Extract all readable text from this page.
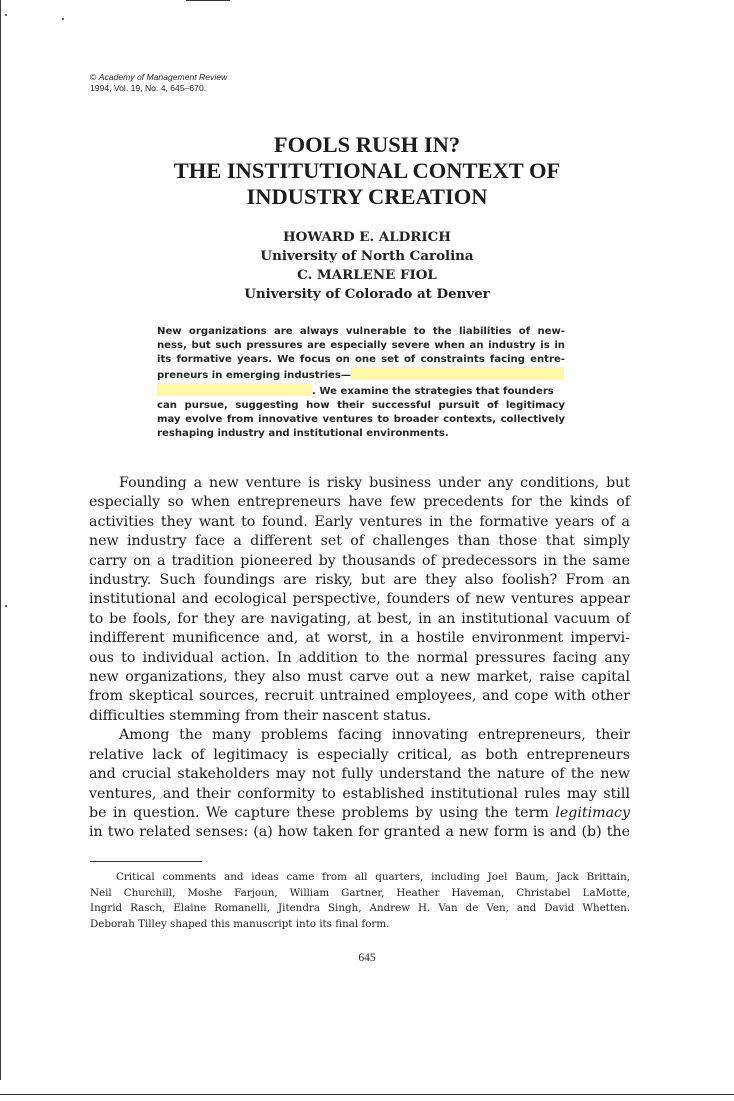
© Academy of Management Review
1994, Vol. 19, No. 4, 645–670.
FOOLS RUSH IN?
THE INSTITUTIONAL CONTEXT OF
INDUSTRY CREATION
HOWARD E. ALDRICH
University of North Carolina
C. MARLENE FIOL
University of Colorado at Denver
New organizations are always vulnerable to the liabilities of new-
ness, but such pressures are especially severe when an industry is in
its formative years. We focus on one set of constraints facing entre-
preneurs in emerging industries—
. We examine the strategies that founders
can pursue, suggesting how their successful pursuit of legitimacy
may evolve from innovative ventures to broader contexts, collectively
reshaping industry and institutional environments.
Founding a new venture is risky business under any conditions, but
especially so when entrepreneurs have few precedents for the kinds of
activities they want to found. Early ventures in the formative years of a
new industry face a different set of challenges than those that simply
carry on a tradition pioneered by thousands of predecessors in the same
industry. Such foundings are risky, but are they also foolish? From an
institutional and ecological perspective, founders of new ventures appear
to be fools, for they are navigating, at best, in an institutional vacuum of
indifferent munificence and, at worst, in a hostile environment impervi-
ous to individual action. In addition to the normal pressures facing any
new organizations, they also must carve out a new market, raise capital
from skeptical sources, recruit untrained employees, and cope with other
difficulties stemming from their nascent status.
Among the many problems facing innovating entrepreneurs, their
relative lack of legitimacy is especially critical, as both entrepreneurs
and crucial stakeholders may not fully understand the nature of the new
ventures, and their conformity to established institutional rules may still
be in question. We capture these problems by using the term legitimacy
in two related senses: (a) how taken for granted a new form is and (b) the
Critical comments and ideas came from all quarters, including Joel Baum, Jack Brittain,
Neil Churchill, Moshe Farjoun, William Gartner, Heather Haveman, Christabel LaMotte,
Ingrid Rasch, Elaine Romanelli, Jitendra Singh, Andrew H. Van de Ven, and David Whetten.
Deborah Tilley shaped this manuscript into its final form.
645
